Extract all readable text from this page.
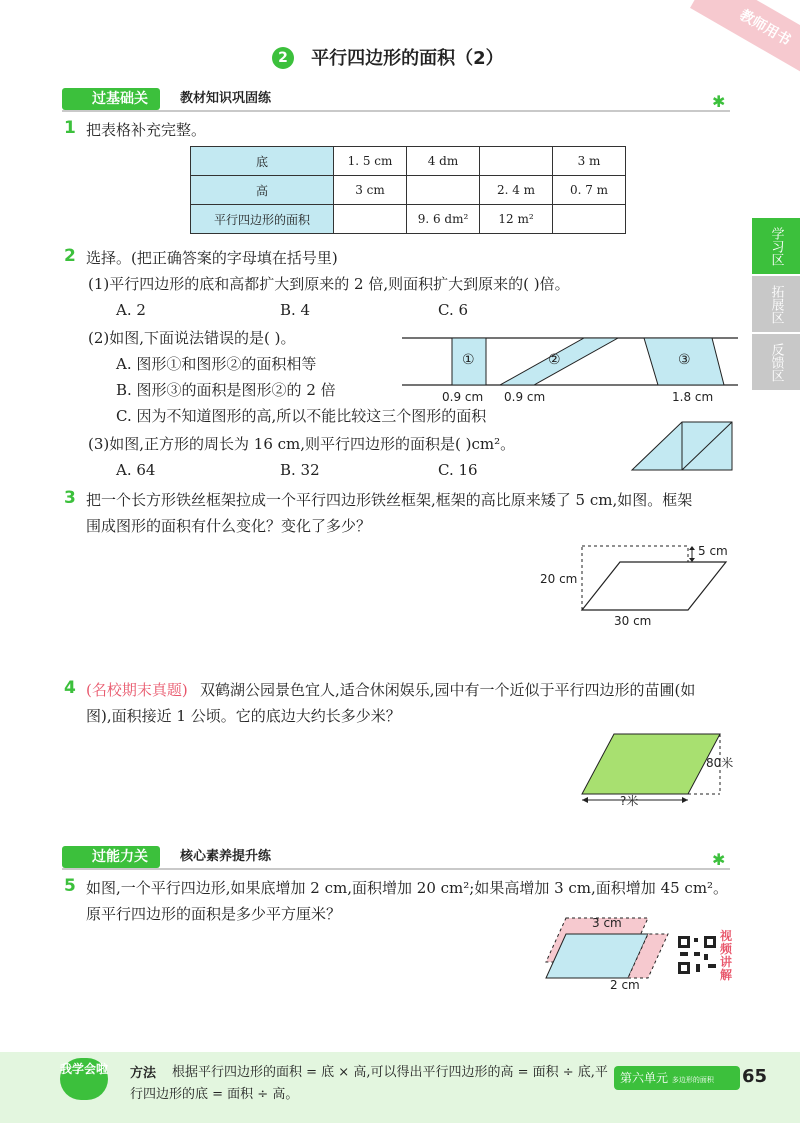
教师用书
2 平行四边形的面积（2）
过基础关	教材知识巩固练	✱
学习区
拓展区
反馈区
1 把表格补充完整。
底	1. 5 cm	4 dm		3 m
高	3 cm		2. 4 m	0. 7 m
平行四边形的面积		9. 6 dm²	12 m²	
2 选择。(把正确答案的字母填在括号里)
(1)平行四边形的底和高都扩大到原来的 2 倍,则面积扩大到原来的( )倍。
A. 2	B. 4	C. 6
(2)如图,下面说法错误的是( )。
A. 图形①和图形②的面积相等
B. 图形③的面积是图形②的 2 倍
C. 因为不知道图形的高,所以不能比较这三个图形的面积
①	②	③
0.9 cm 0.9 cm	1.8 cm
(3)如图,正方形的周长为 16 cm,则平行四边形的面积是( )cm²。
A. 64	B. 32	C. 16
3 把一个长方形铁丝框架拉成一个平行四边形铁丝框架,框架的高比原来矮了 5 cm,如图。框架
围成图形的面积有什么变化？变化了多少？
20 cm
5 cm
30 cm
4 (名校期末真题) 双鹤湖公园景色宜人,适合休闲娱乐,园中有一个近似于平行四边形的苗圃(如
图),面积接近 1 公顷。它的底边大约长多少米？
80米
?米
过能力关	核心素养提升练	✱
5 如图,一个平行四边形,如果底增加 2 cm,面积增加 20 cm²;如果高增加 3 cm,面积增加 45 cm²。
原平行四边形的面积是多少平方厘米？	3 cm
2 cm
视频讲解
我学会啦 方法 根据平行四边形的面积 = 底 × 高,可以得出平行四边形的高 = 面积 ÷ 底,平
行四边形的底 = 面积 ÷ 高。
第六单元 多边形的面积	65
